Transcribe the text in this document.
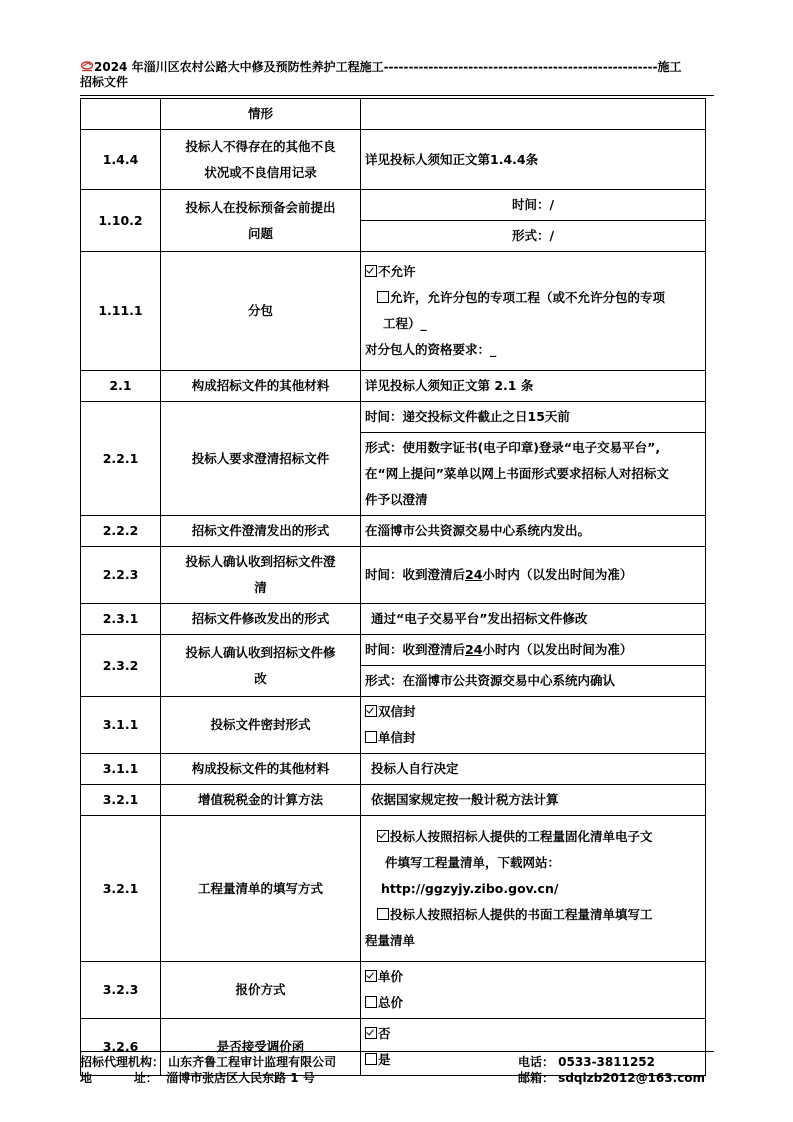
2024 年淄川区农村公路大中修及预防性养护工程施工-------------------------------------------------------施工
招标文件
	情形	
1.4.4	投标人不得存在的其他不良
状况或不良信用记录	详见投标人须知正文第1.4.4条
1.10.2	投标人在投标预备会前提出
问题	时间：/
		形式：/
1.11.1	分包	不允许
允许，允许分包的专项工程（或不允许分包的专项
工程）_
对分包人的资格要求：_

2.1	构成招标文件的其他材料	详见投标人须知正文第 2.1 条
2.2.1	投标人要求澄清招标文件	时间：递交投标文件截止之日15天前

		形式：使用数字证书(电子印章)登录“电子交易平台”,
在“网上提问”菜单以网上书面形式要求招标人对招标文
件予以澄清

2.2.2	招标文件澄清发出的形式	在淄博市公共资源交易中心系统内发出。
2.2.3	投标人确认收到招标文件澄
清	时间：收到澄清后24小时内（以发出时间为准）
2.3.1	招标文件修改发出的形式	通过“电子交易平台”发出招标文件修改
2.3.2	投标人确认收到招标文件修
改	时间：收到澄清后24小时内（以发出时间为准）
		形式：在淄博市公共资源交易中心系统内确认
3.1.1	投标文件密封形式	双信封
单信封

3.1.1	构成投标文件的其他材料	投标人自行决定
3.2.1	增值税税金的计算方法	依据国家规定按一般计税方法计算
3.2.1	工程量清单的填写方式	投标人按照招标人提供的工程量固化清单电子文
件填写工程量清单，下载网站：
http://ggzyjy.zibo.gov.cn/
投标人按照招标人提供的书面工程量清单填写工
程量清单

3.2.3	报价方式	单价
总价

3.2.6	是否接受调价函	否
是
招标代理机构： 山东齐鲁工程审计监理有限公司	电话： 0533-3811252
地          址：  淄博市张店区人民东路 1 号	邮箱： sdqlzb2012@163.com
